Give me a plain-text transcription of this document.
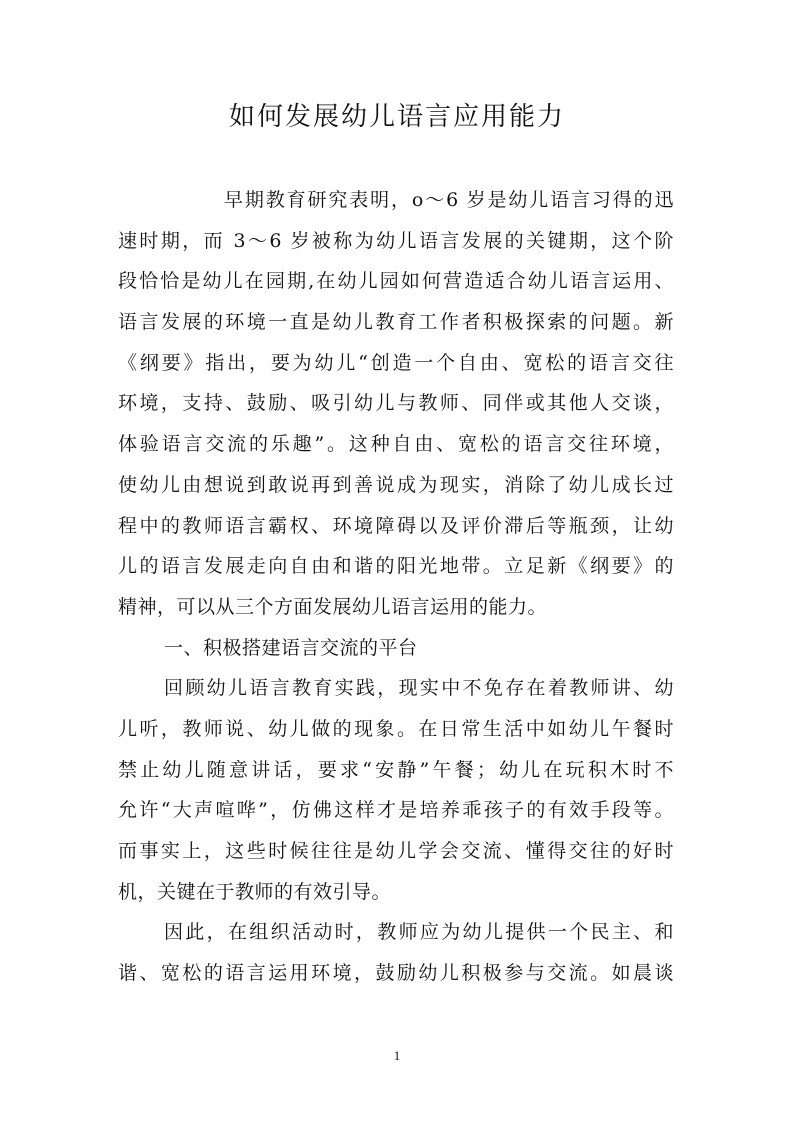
如何发展幼儿语言应用能力
早期教育研究表明，o～6 岁是幼儿语言习得的迅
速时期，而 3～6 岁被称为幼儿语言发展的关键期，这个阶
段恰恰是幼儿在园期,在幼儿园如何营造适合幼儿语言运用、
语言发展的环境一直是幼儿教育工作者积极探索的问题。新
《纲要》指出，要为幼儿“创造一个自由、宽松的语言交往
环境，支持、鼓励、吸引幼儿与教师、同伴或其他人交谈，
体验语言交流的乐趣”。这种自由、宽松的语言交往环境，
使幼儿由想说到敢说再到善说成为现实，消除了幼儿成长过
程中的教师语言霸权、环境障碍以及评价滞后等瓶颈，让幼
儿的语言发展走向自由和谐的阳光地带。立足新《纲要》的
精神，可以从三个方面发展幼儿语言运用的能力。
一、积极搭建语言交流的平台
回顾幼儿语言教育实践，现实中不免存在着教师讲、幼
儿听，教师说、幼儿做的现象。在日常生活中如幼儿午餐时
禁止幼儿随意讲话，要求“安静”午餐；幼儿在玩积木时不
允许“大声喧哗”，仿佛这样才是培养乖孩子的有效手段等。
而事实上，这些时候往往是幼儿学会交流、懂得交往的好时
机，关键在于教师的有效引导。
因此，在组织活动时，教师应为幼儿提供一个民主、和
谐、宽松的语言运用环境，鼓励幼儿积极参与交流。如晨谈
1
